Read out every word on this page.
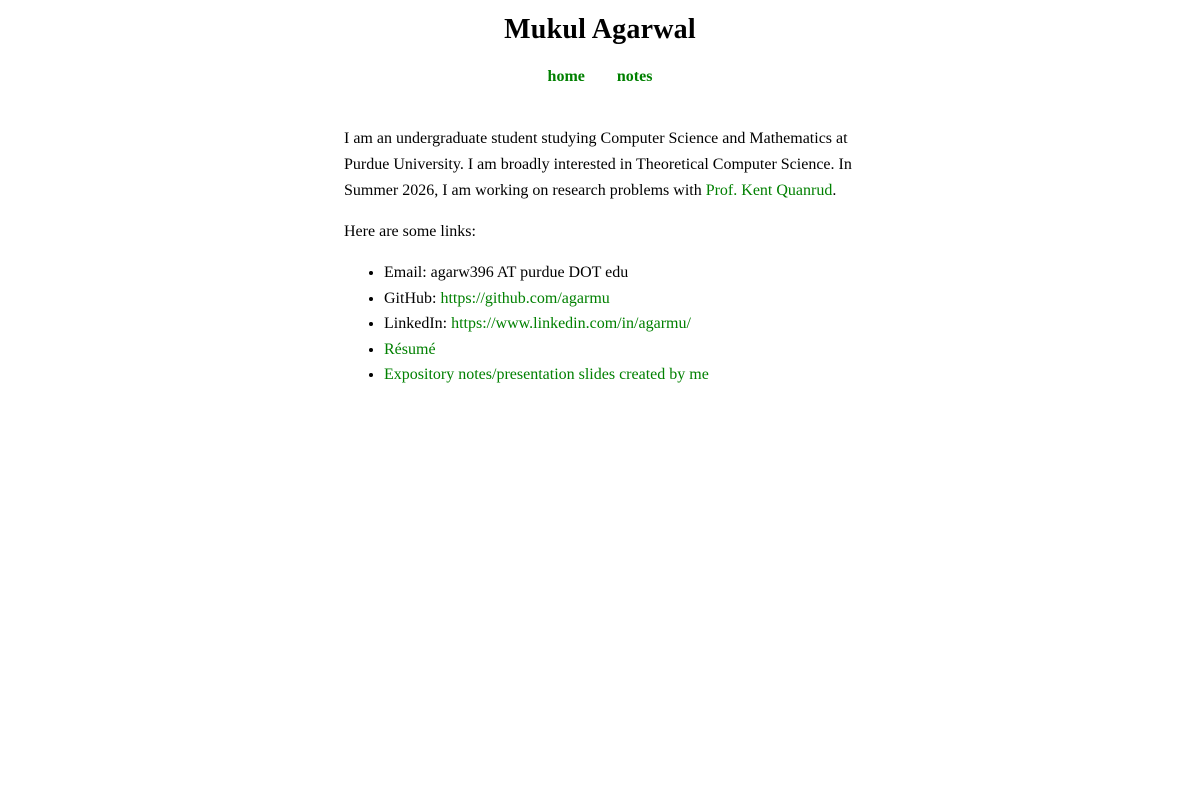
Mukul Agarwal
home notes

I am an undergraduate student studying Computer Science and Mathematics at Purdue University. I am broadly interested in Theoretical Computer Science. In Summer 2026, I am working on research problems with Prof. Kent Quanrud.

Here are some links:

• Email: agarw396 AT purdue DOT edu
• GitHub: https://github.com/agarmu
• LinkedIn: https://www.linkedin.com/in/agarmu/
• Résumé
• Expository notes/presentation slides created by me
